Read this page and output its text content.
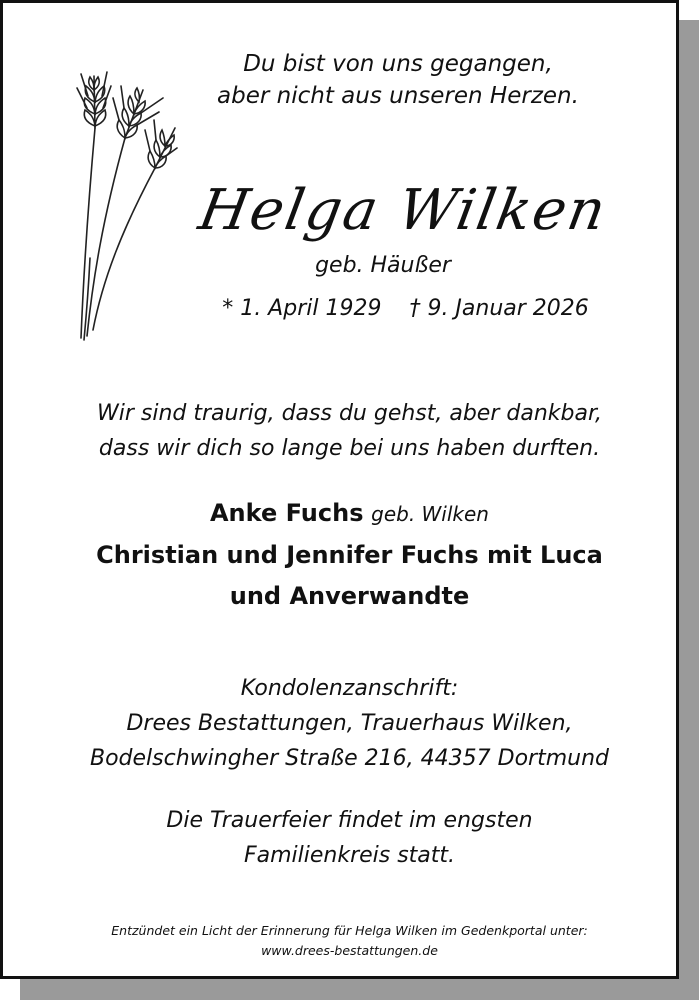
Du bist von uns gegangen,
aber nicht aus unseren Herzen.
Helga Wilken
geb. Häußer
* 1. April 1929 † 9. Januar 2026
Wir sind traurig, dass du gehst, aber dankbar,
dass wir dich so lange bei uns haben durften.
Anke Fuchs geb. Wilken
Christian und Jennifer Fuchs mit Luca
und Anverwandte
Kondolenzanschrift:
Drees Bestattungen, Trauerhaus Wilken,
Bodelschwingher Straße 216, 44357 Dortmund
Die Trauerfeier findet im engsten
Familienkreis statt.
Entzündet ein Licht der Erinnerung für Helga Wilken im Gedenkportal unter:
www.drees-bestattungen.de
